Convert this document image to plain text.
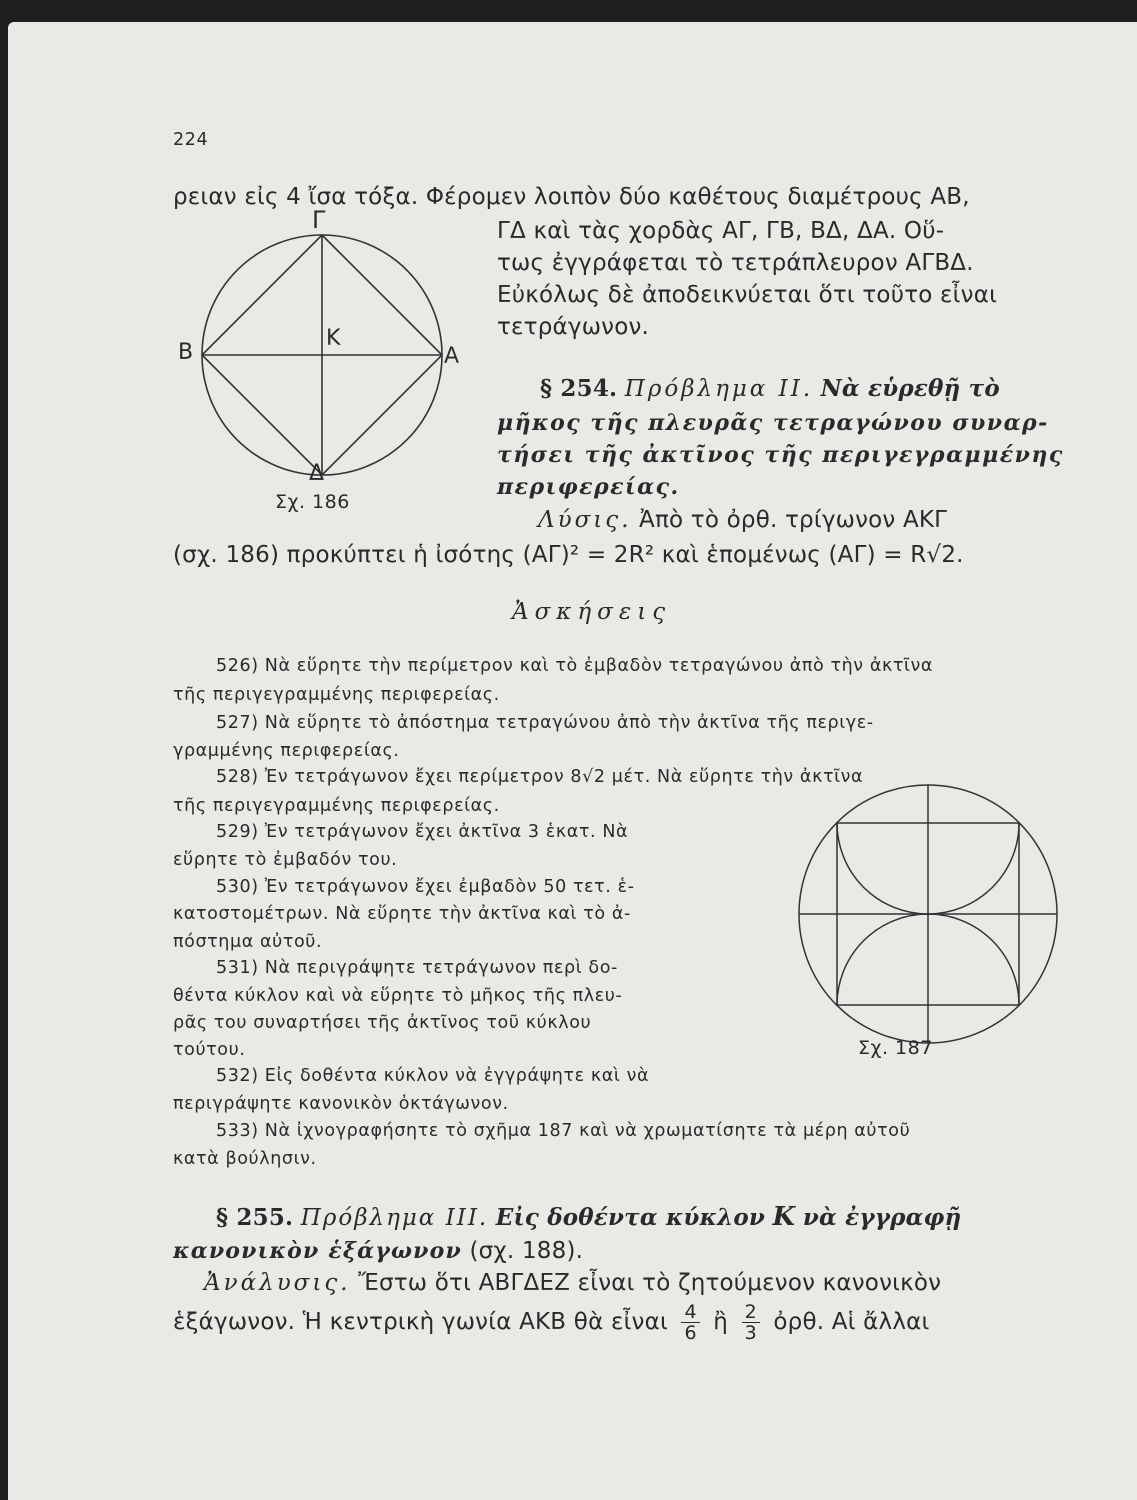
224
ρειαν εἰς 4 ἴσα τόξα. Φέρομεν λοιπὸν δύο καθέτους διαμέτρους ΑΒ,
ΓΔ καὶ τὰς χορδὰς ΑΓ, ΓΒ, ΒΔ, ΔΑ. Οὕ-
τως ἐγγράφεται τὸ τετράπλευρον ΑΓΒΔ.
Εὐκόλως δὲ ἀποδεικνύεται ὅτι τοῦτο εἶναι
τετράγωνον.
Γ
Β
Κ
Α
Δ
Σχ. 186
§ 254. Πρόβλημα ΙΙ. Νὰ εὑρεθῇ τὸ
μῆκος τῆς πλευρᾶς τετραγώνου συναρ-
τήσει τῆς ἀκτῖνος τῆς περιγεγραμμένης
περιφερείας.
Λύσις. Ἀπὸ τὸ ὀρθ. τρίγωνον ΑΚΓ
(σχ. 186) προκύπτει ἡ ἰσότης (ΑΓ)² = 2R² καὶ ἑπομένως (ΑΓ) = R√2.
Ἀσκήσεις
526) Νὰ εὕρητε τὴν περίμετρον καὶ τὸ ἐμβαδὸν τετραγώνου ἀπὸ τὴν ἀκτῖνα
τῆς περιγεγραμμένης περιφερείας.
527) Νὰ εὕρητε τὸ ἀπόστημα τετραγώνου ἀπὸ τὴν ἀκτῖνα τῆς περιγε-
γραμμένης περιφερείας.
528) Ἐν τετράγωνον ἔχει περίμετρον 8√2 μέτ. Νὰ εὕρητε τὴν ἀκτῖνα
τῆς περιγεγραμμένης περιφερείας.
529) Ἐν τετράγωνον ἔχει ἀκτῖνα 3 ἑκατ. Νὰ
εὕρητε τὸ ἐμβαδόν του.
530) Ἐν τετράγωνον ἔχει ἐμβαδὸν 50 τετ. ἑ-
κατοστομέτρων. Νὰ εὕρητε τὴν ἀκτῖνα καὶ τὸ ἀ-
πόστημα αὐτοῦ.
531) Νὰ περιγράψητε τετράγωνον περὶ δο-
θέντα κύκλον καὶ νὰ εὕρητε τὸ μῆκος τῆς πλευ-
ρᾶς του συναρτήσει τῆς ἀκτῖνος τοῦ κύκλου
τούτου.
532) Εἰς δοθέντα κύκλον νὰ ἐγγράψητε καὶ νὰ
περιγράψητε κανονικὸν ὀκτάγωνον.
533) Νὰ ἰχνογραφήσητε τὸ σχῆμα 187 καὶ νὰ χρωματίσητε τὰ μέρη αὐτοῦ
κατὰ βούλησιν.
Σχ. 187
§ 255. Πρόβλημα ΙΙΙ. Εἰς δοθέντα κύκλον Κ νὰ ἐγγραφῇ
κανονικὸν ἑξάγωνον (σχ. 188).
Ἀνάλυσις. Ἔστω ὅτι ΑΒΓΔΕΖ εἶναι τὸ ζητούμενον κανονικὸν
ἑξάγωνον. Ἡ κεντρικὴ γωνία ΑΚΒ θὰ εἶναι $\frac{4}{6}$ ἢ $\frac{2}{3}$ ὀρθ. Αἱ ἄλλαι
